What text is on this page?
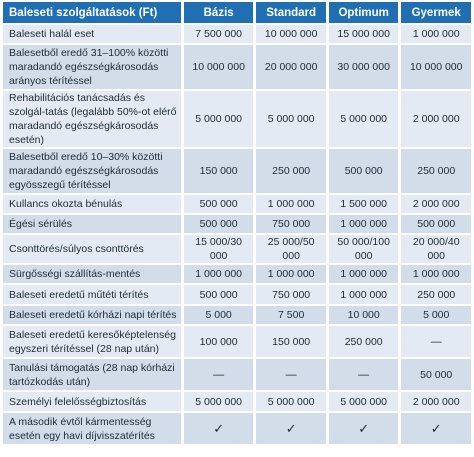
Baleseti szolgáltatások (Ft)	Bázis	Standard	Optimum	Gyermek
Baleseti halál eset	7 500 000	10 000 000	15 000 000	1 000 000
Balesetből eredő 31–100% közötti maradandó egészségkárosodás arányos térítéssel	10 000 000	20 000 000	30 000 000	10 000 000
Rehabilitációs tanácsadás és szolgál-tatás (legalább 50%-ot elérő maradandó egészségkárosodás esetén)	5 000 000	5 000 000	5 000 000	2 000 000
Balesetből eredő 10–30% közötti maradandó egészségkárosodás egyösszegű térítéssel	150 000	250 000	500 000	250 000
Kullancs okozta bénulás	500 000	1 000 000	1 500 000	2 000 000
Égési sérülés	500 000	750 000	1 000 000	500 000
Csonttörés/súlyos csonttörés	15 000/30 000	25 000/50 000	50 000/100 000	20 000/40 000
Sürgősségi szállítás-mentés	1 000 000	1 000 000	1 000 000	1 000 000
Baleseti eredetű műtéti térítés	500 000	750 000	1 000 000	250 000
Baleseti eredetű kórházi napi térítés	5 000	7 500	10 000	5 000
Baleseti eredetű keresőképtelenség egyszeri térítéssel (28 nap után)	100 000	150 000	250 000	—
Tanulási támogatás (28 nap kórházi tartózkodás után)	—	—	—	50 000
Személyi felelősségbiztosítás	5 000 000	5 000 000	5 000 000	2 000 000
A második évtől kármentesség esetén egy havi díjvisszatérítés	✓	✓	✓	✓
